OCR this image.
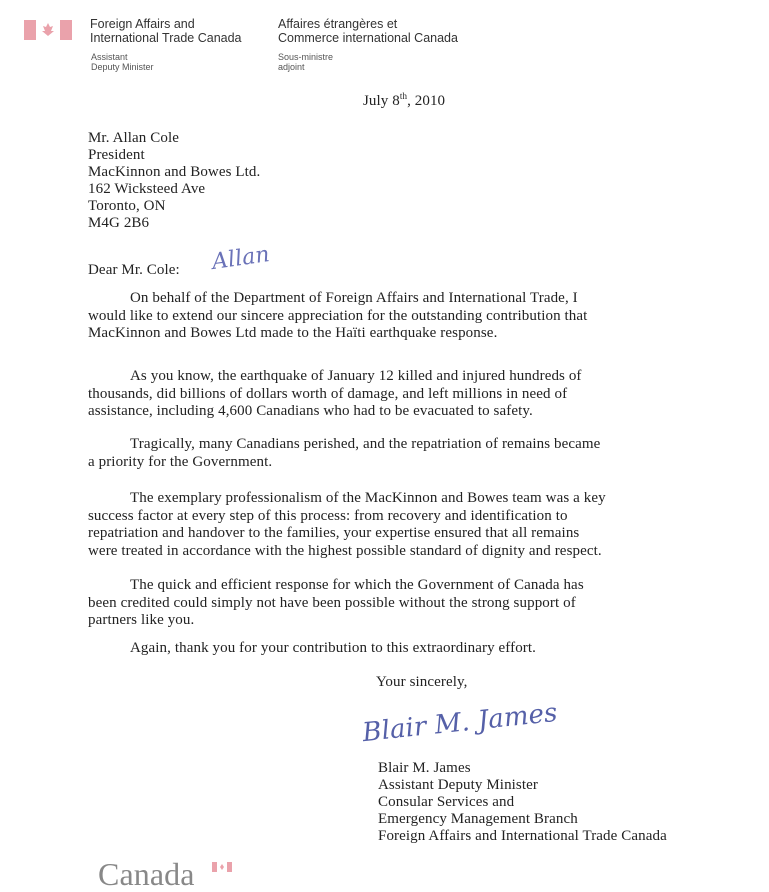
Foreign Affairs and
International Trade Canada
Affaires étrangères et
Commerce international Canada
Assistant
Deputy Minister
Sous-ministre
adjoint
July 8th, 2010
Dear Mr. Cole: Allan
Your sincerely,
Blair M. James
Canada
Mr. Allan Cole
President
MacKinnon and Bowes Ltd.
162 Wicksteed Ave
Toronto, ON
M4G 2B6
On behalf of the Department of Foreign Affairs and International Trade, I
would like to extend our sincere appreciation for the outstanding contribution that
MacKinnon and Bowes Ltd made to the Haïti earthquake response.
As you know, the earthquake of January 12 killed and injured hundreds of
thousands, did billions of dollars worth of damage, and left millions in need of
assistance, including 4,600 Canadians who had to be evacuated to safety.
Tragically, many Canadians perished, and the repatriation of remains became
a priority for the Government.
The exemplary professionalism of the MacKinnon and Bowes team was a key
success factor at every step of this process: from recovery and identification to
repatriation and handover to the families, your expertise ensured that all remains
were treated in accordance with the highest possible standard of dignity and respect.
The quick and efficient response for which the Government of Canada has
been credited could simply not have been possible without the strong support of
partners like you.
Again, thank you for your contribution to this extraordinary effort.
Blair M. James
Assistant Deputy Minister
Consular Services and
Emergency Management Branch
Foreign Affairs and International Trade Canada
